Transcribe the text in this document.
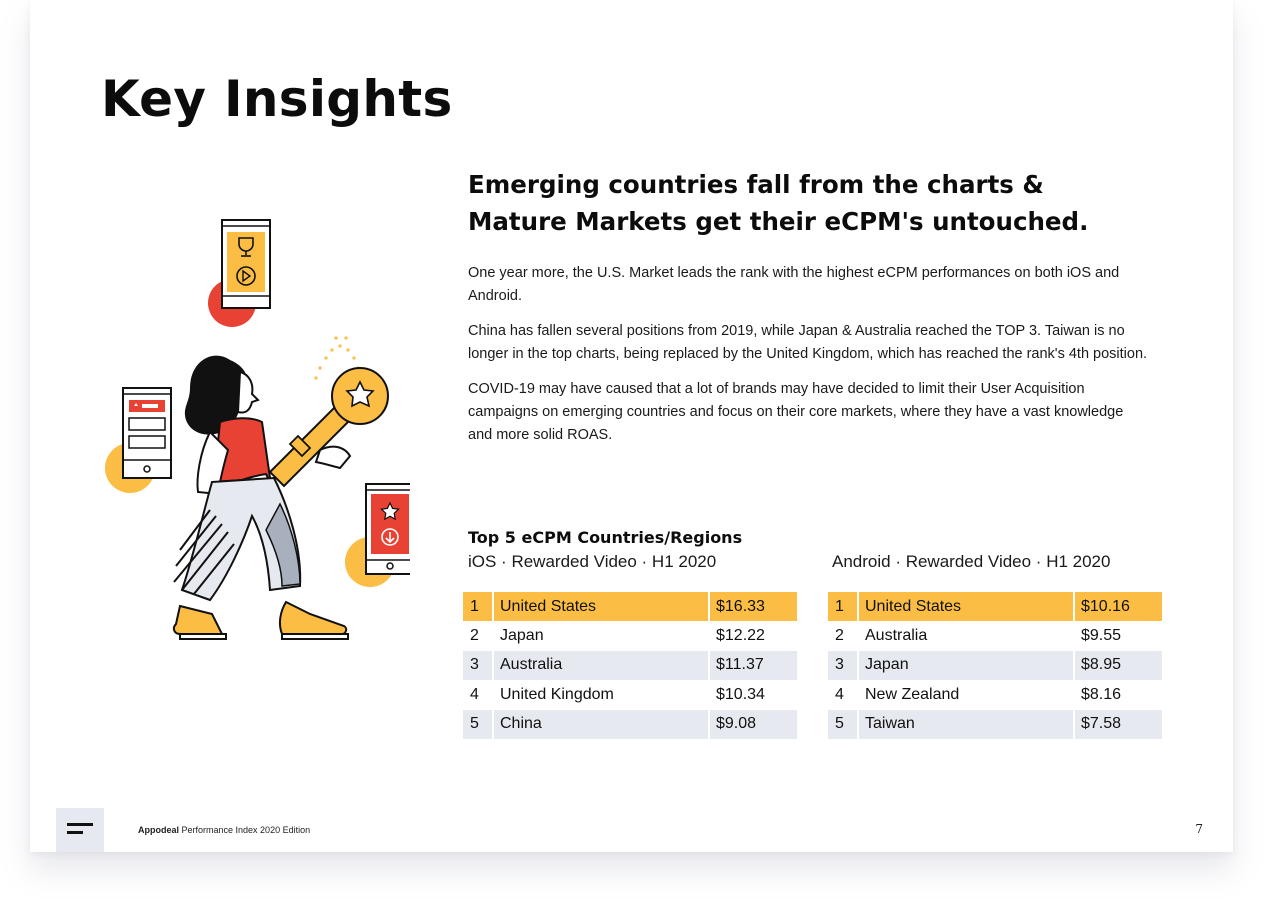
Key Insights
Emerging countries fall from the charts & Mature Markets get their eCPM's untouched.

One year more, the U.S. Market leads the rank with the highest eCPM performances on both iOS and Android.

China has fallen several positions from 2019, while Japan & Australia reached the TOP 3. Taiwan is no longer in the top charts, being replaced by the United Kingdom, which has reached the rank's 4th position.

COVID-19 may have caused that a lot of brands may have decided to limit their User Acquisition campaigns on emerging countries and focus on their core markets, where they have a vast knowledge and more solid ROAS.

Top 5 eCPM Countries/Regions
iOS · Rewarded Video · H1 2020	Android · Rewarded Video · H1 2020
1	United States	$16.33
2	Japan	$12.22
3	Australia	$11.37
4	United Kingdom	$10.34
5	China	$9.08
1	United States	$10.16
2	Australia	$9.55
3	Japan	$8.95
4	New Zealand	$8.16
5	Taiwan	$7.58
Appodeal Performance Index 2020 Edition	7
